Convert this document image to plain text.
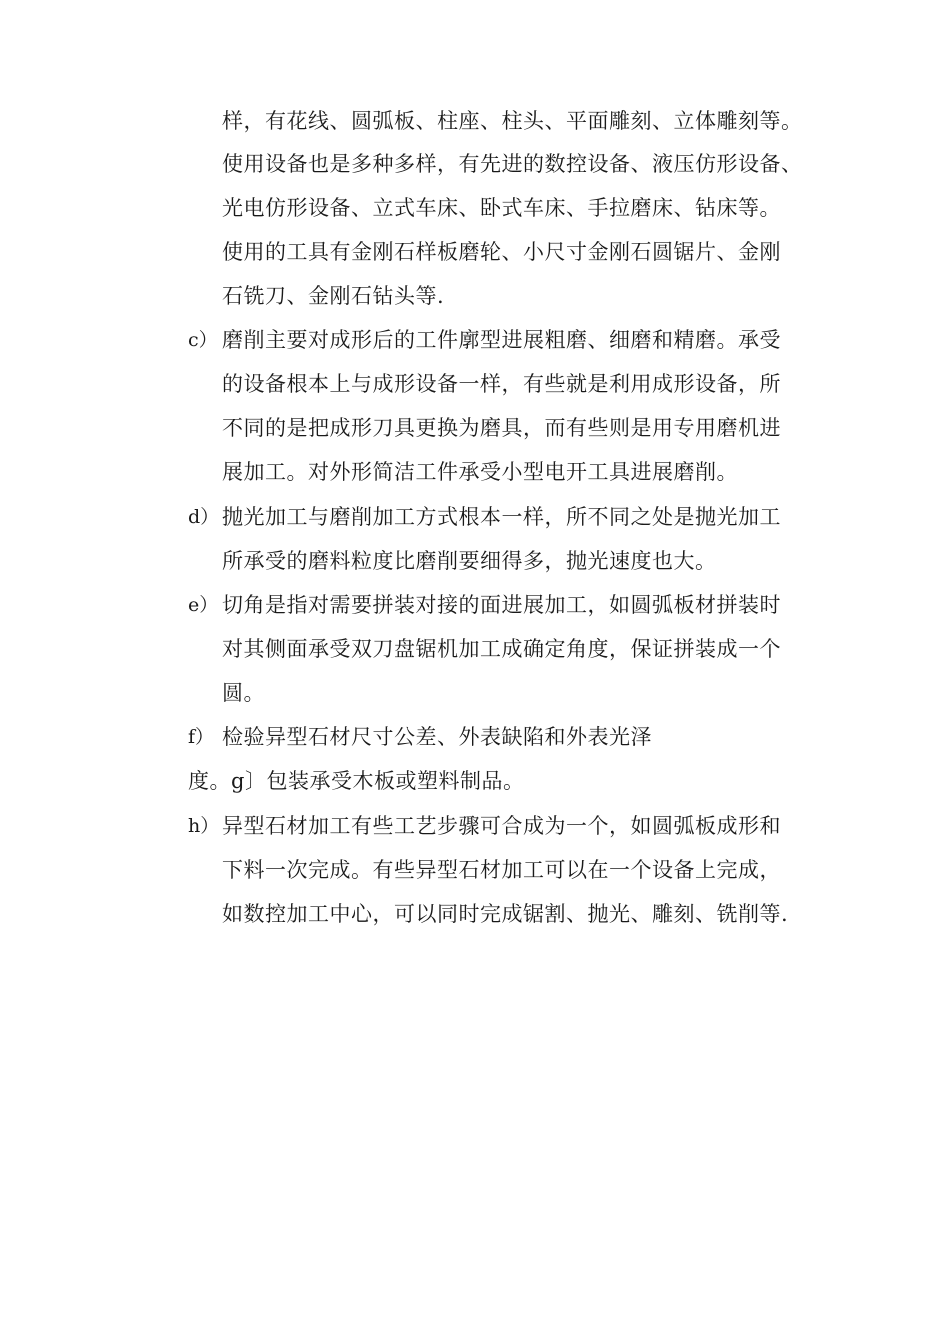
样，有花线、圆弧板、柱座、柱头、平面雕刻、立体雕刻等。
使用设备也是多种多样，有先进的数控设备、液压仿形设备、
光电仿形设备、立式车床、卧式车床、手拉磨床、钻床等。
使用的工具有金刚石样板磨轮、小尺寸金刚石圆锯片、金刚
石铣刀、金刚石钻头等.
c） 磨削主要对成形后的工件廓型进展粗磨、细磨和精磨。承受
的设备根本上与成形设备一样，有些就是利用成形设备，所
不同的是把成形刀具更换为磨具，而有些则是用专用磨机进
展加工。对外形简洁工件承受小型电开工具进展磨削。
d） 抛光加工与磨削加工方式根本一样，所不同之处是抛光加工
所承受的磨料粒度比磨削要细得多，抛光速度也大。
e） 切角是指对需要拼装对接的面进展加工，如圆弧板材拼装时
对其侧面承受双刀盘锯机加工成确定角度，保证拼装成一个
圆。
f） 检验异型石材尺寸公差、外表缺陷和外表光泽
度。g〕包装承受木板或塑料制品。
h） 异型石材加工有些工艺步骤可合成为一个，如圆弧板成形和
下料一次完成。有些异型石材加工可以在一个设备上完成，
如数控加工中心，可以同时完成锯割、抛光、雕刻、铣削等.
